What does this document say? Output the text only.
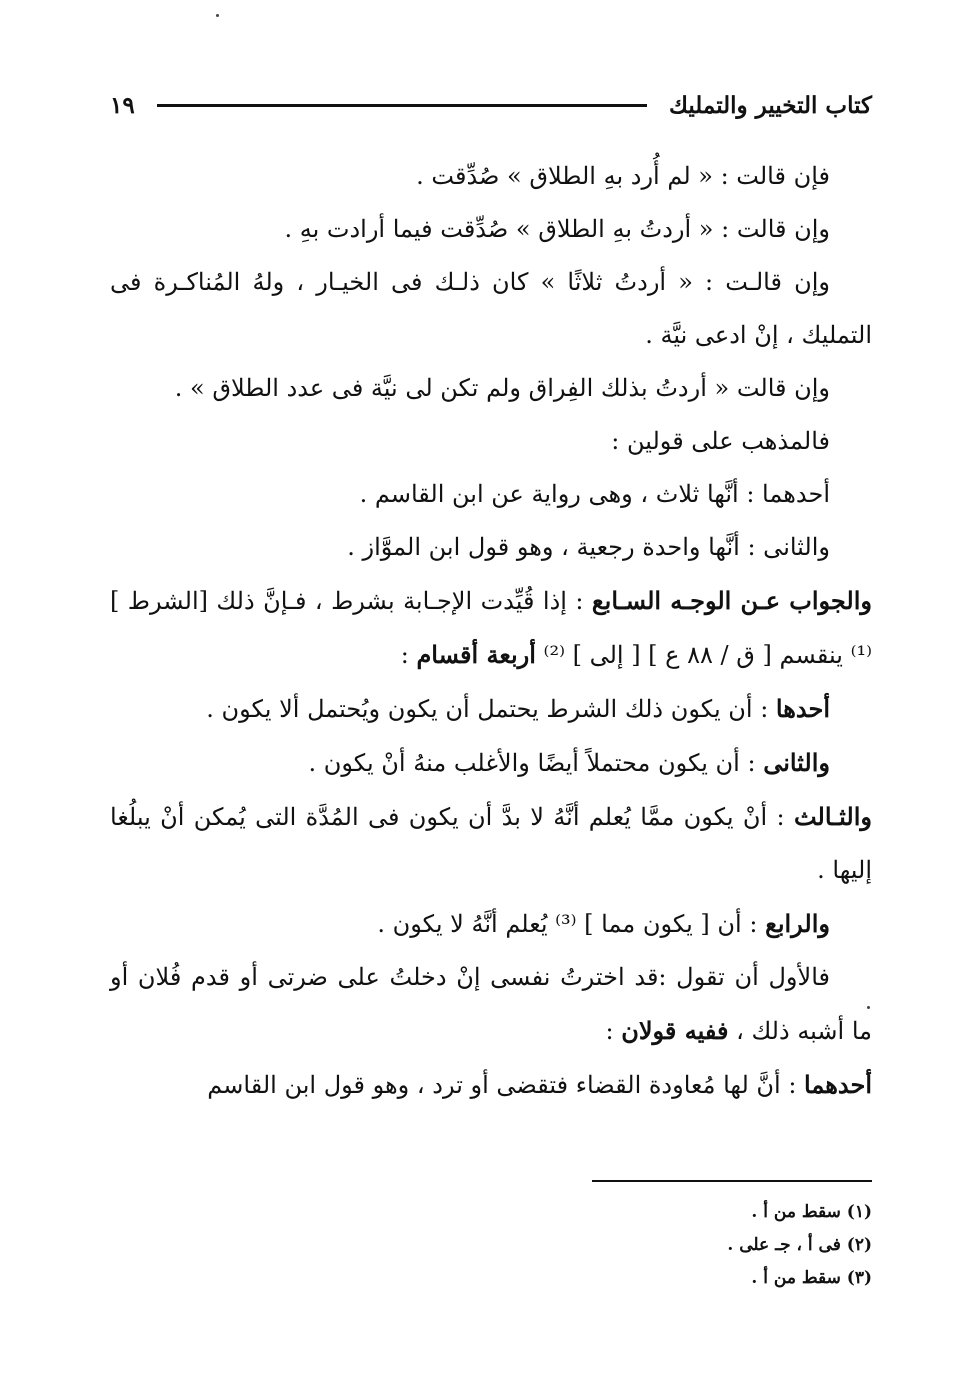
كتاب التخيير والتمليك
١٩

فإن قالت : « لم أُرد بهِ الطلاق » صُدِّقت .

وإن قالت : « أردتُ بهِ الطلاق » صُدِّقت فيما أرادت بهِ .

وإن قالـت : « أردتُ ثلاثًا » كان ذلـك فى الخيـار ، ولهُ المُناكـرة فى التمليك ، إنْ ادعى نيَّة .

وإن قالت « أردتُ بذلك الفِراق ولم تكن لى نيَّة فى عدد الطلاق » .

فالمذهب على قولين :

أحدهما : أنَّها ثلاث ، وهى رواية عن ابن القاسم .

والثانى : أنَّها واحدة رجعية ، وهو قول ابن الموَّاز .

والجواب عـن الوجـه السـابع : إذا قُيِّدت الإجـابة بشرط ، فـإنَّ ذلك [الشرط ] ⁽¹⁾ ينقسم [ ق / ٨٨ ع ] [ إلى ] ⁽²⁾ أربعة أقسام :

أحدها : أن يكون ذلك الشرط يحتمل أن يكون ويُحتمل ألا يكون .

والثانى : أن يكون محتملاً أيضًا والأغلب منهُ أنْ يكون .

والثـالث : أنْ يكون ممَّا يُعلم أنَّهُ لا بدَّ أن يكون فى المُدَّة التى يُمكن أنْ يبلُغا إليها .

والرابع : أن [ يكون مما ] ⁽³⁾ يُعلم أنَّهُ لا يكون .

فالأول أن تقول :قد اخترتُ نفسى إنْ دخلتُ على ضرتى أو قدم فُلان أو ما أشبه ذلك ، ففيه قولان :

أحدهما : أنَّ لها مُعاودة القضاء فتقضى أو ترد ، وهو قول ابن القاسم

(١) سقط من أ .

(٢) فى أ ، جـ على .

(٣) سقط من أ .
